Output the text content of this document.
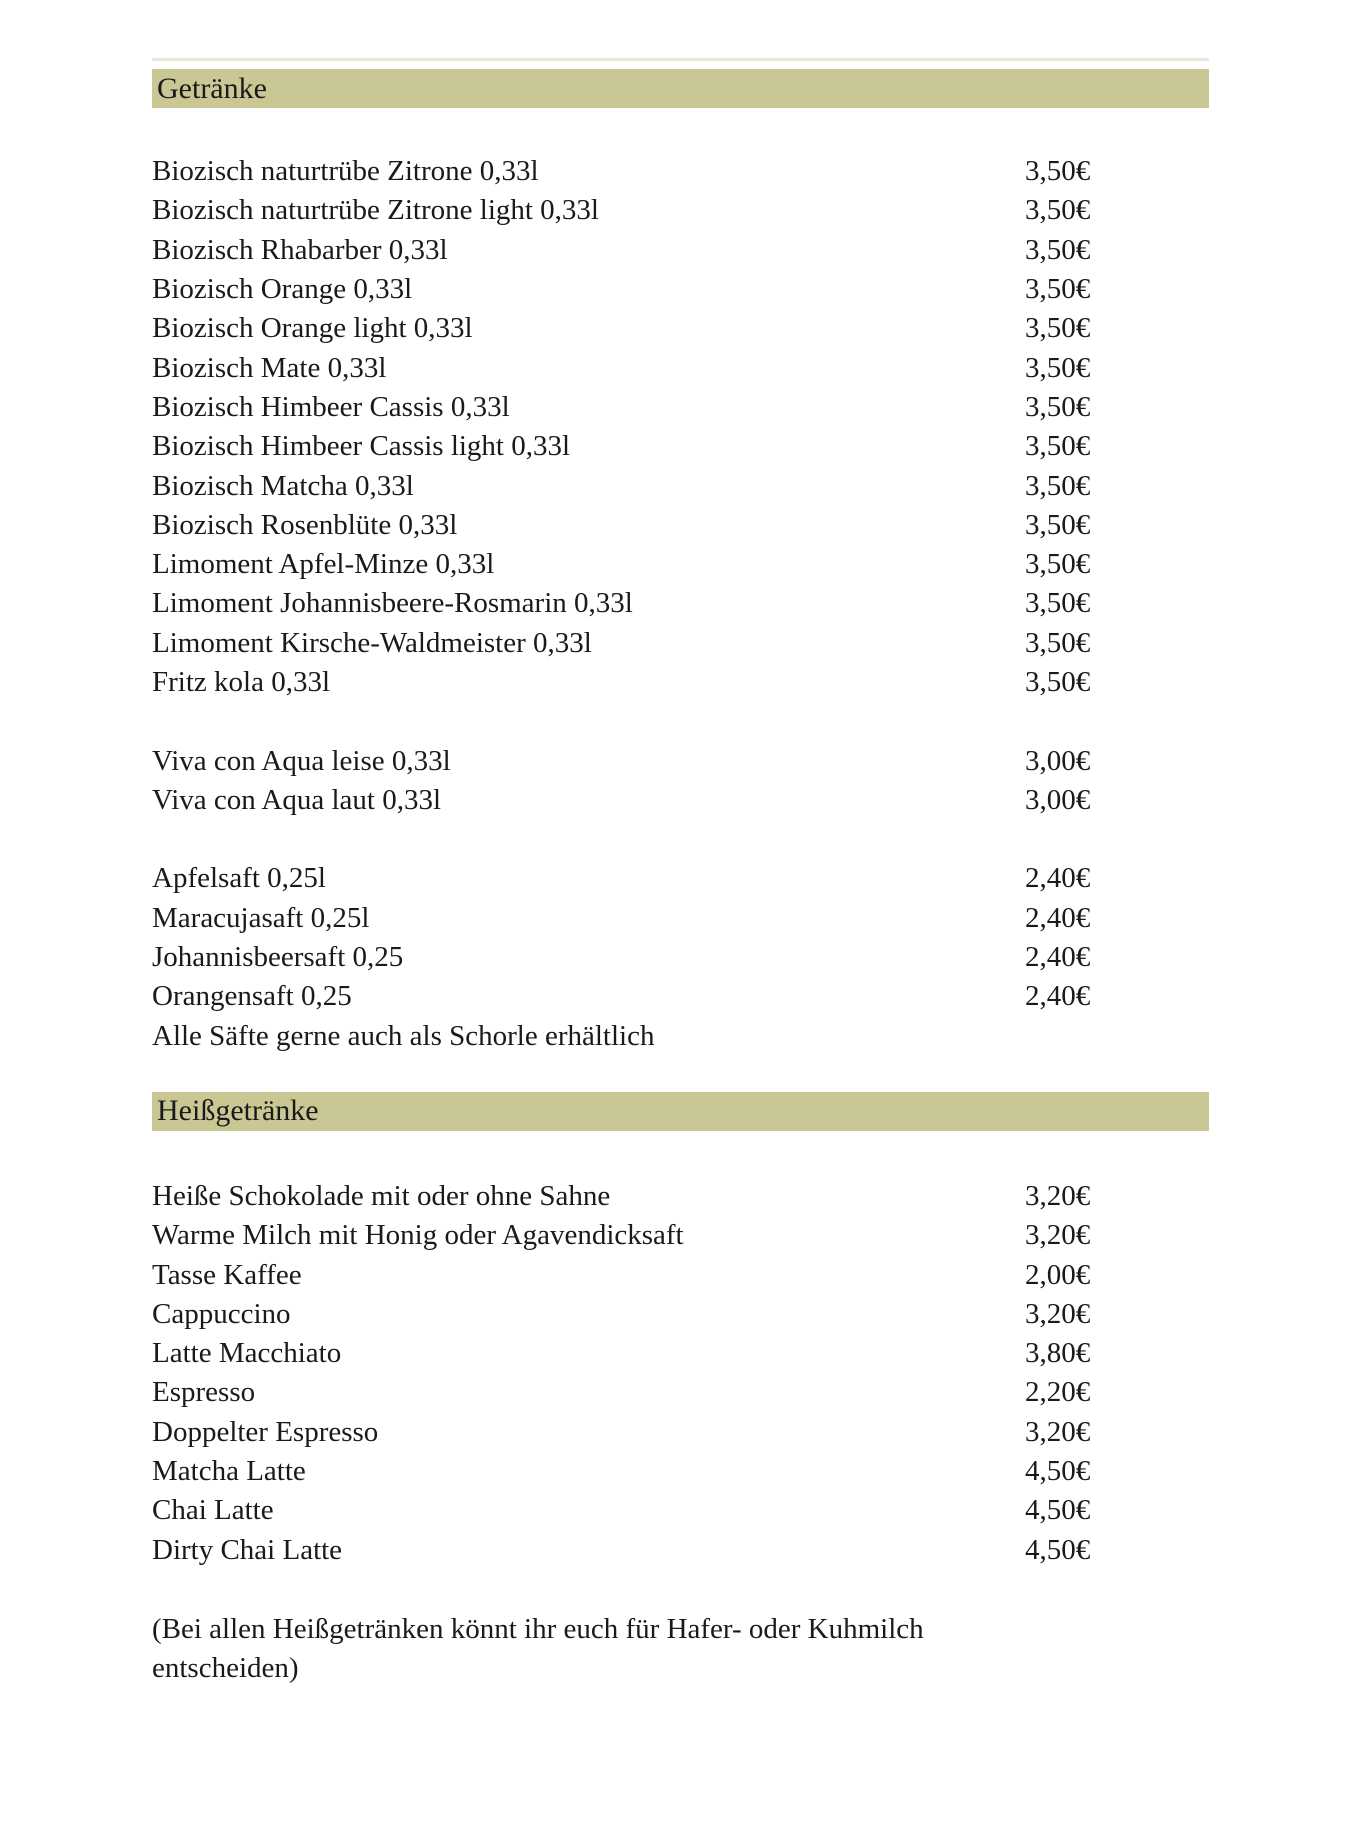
Getränke
Biozisch naturtrübe Zitrone 0,33l	3,50€
Biozisch naturtrübe Zitrone light 0,33l	3,50€
Biozisch Rhabarber 0,33l	3,50€
Biozisch Orange 0,33l	3,50€
Biozisch Orange light 0,33l	3,50€
Biozisch Mate 0,33l	3,50€
Biozisch Himbeer Cassis 0,33l	3,50€
Biozisch Himbeer Cassis light 0,33l	3,50€
Biozisch Matcha 0,33l	3,50€
Biozisch Rosenblüte 0,33l	3,50€
Limoment Apfel-Minze 0,33l	3,50€
Limoment Johannisbeere-Rosmarin 0,33l	3,50€
Limoment Kirsche-Waldmeister 0,33l	3,50€
Fritz kola 0,33l	3,50€
Viva con Aqua leise 0,33l	3,00€
Viva con Aqua laut 0,33l	3,00€
Apfelsaft 0,25l	2,40€
Maracujasaft 0,25l	2,40€
Johannisbeersaft 0,25	2,40€
Orangensaft 0,25	2,40€
Alle Säfte gerne auch als Schorle erhältlich
Heißgetränke
Heiße Schokolade mit oder ohne Sahne	3,20€
Warme Milch mit Honig oder Agavendicksaft	3,20€
Tasse Kaffee	2,00€
Cappuccino	3,20€
Latte Macchiato	3,80€
Espresso	2,20€
Doppelter Espresso	3,20€
Matcha Latte	4,50€
Chai Latte	4,50€
Dirty Chai Latte	4,50€

(Bei allen Heißgetränken könnt ihr euch für Hafer- oder Kuhmilch
entscheiden)
